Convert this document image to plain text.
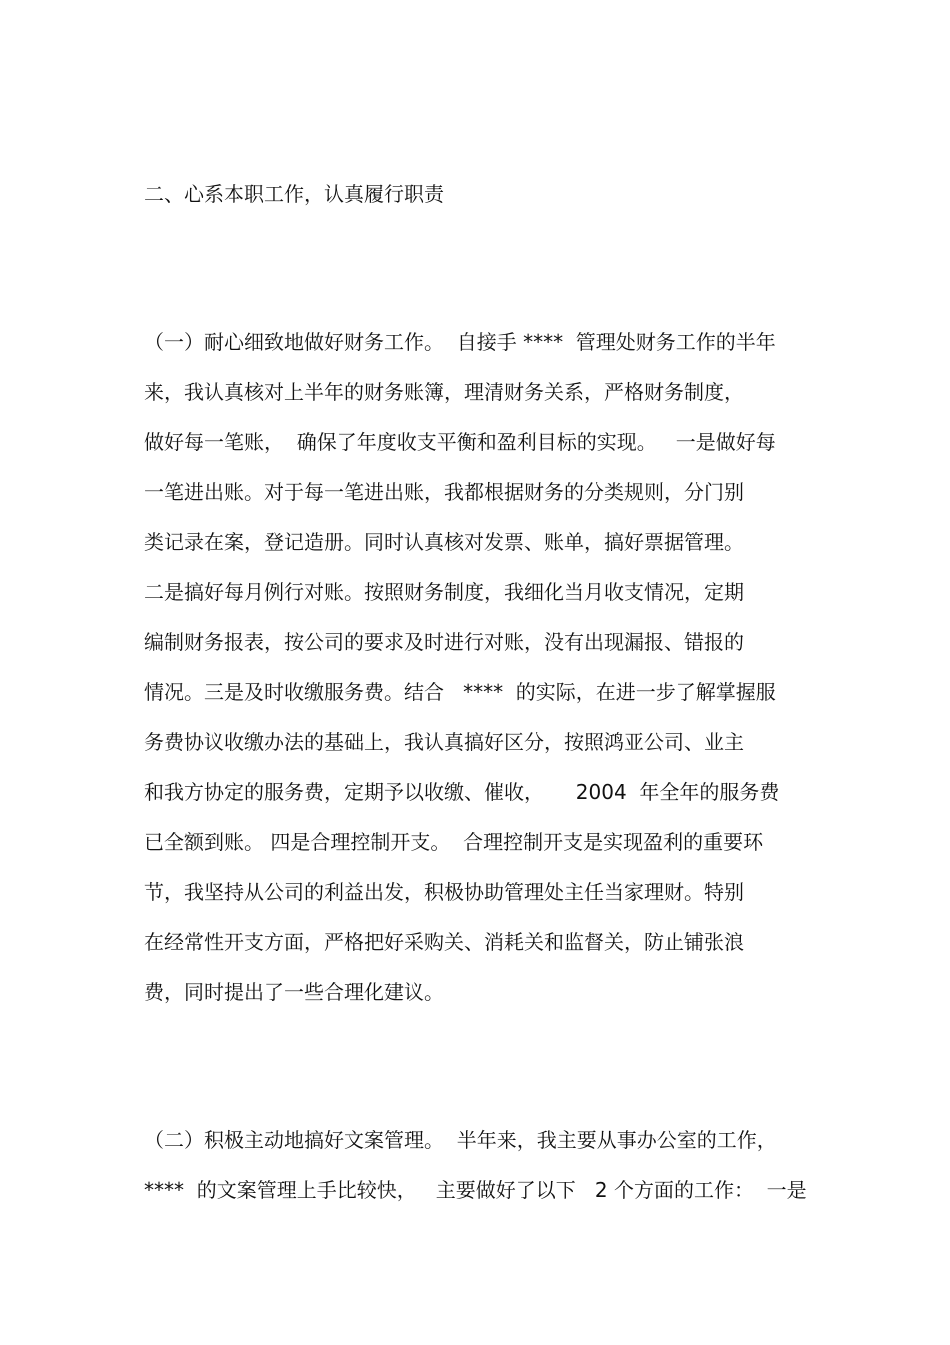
二、心系本职工作，认真履行职责
（一）耐心细致地做好财务工作。  自接手 ****  管理处财务工作的半年
来，我认真核对上半年的财务账簿，理清财务关系，严格财务制度，
做好每一笔账，  确保了年度收支平衡和盈利目标的实现。   一是做好每
一笔进出账。对于每一笔进出账，我都根据财务的分类规则，分门别
类记录在案，登记造册。同时认真核对发票、账单，搞好票据管理。
二是搞好每月例行对账。按照财务制度，我细化当月收支情况，定期
编制财务报表，按公司的要求及时进行对账，没有出现漏报、错报的
情况。三是及时收缴服务费。结合   ****  的实际，在进一步了解掌握服
务费协议收缴办法的基础上，我认真搞好区分，按照鸿亚公司、业主
和我方协定的服务费，定期予以收缴、催收，     2004  年全年的服务费
已全额到账。 四是合理控制开支。  合理控制开支是实现盈利的重要环
节，我坚持从公司的利益出发，积极协助管理处主任当家理财。特别
在经常性开支方面，严格把好采购关、消耗关和监督关，防止铺张浪
费，同时提出了一些合理化建议。
（二）积极主动地搞好文案管理。  半年来，我主要从事办公室的工作，
****  的文案管理上手比较快，   主要做好了以下   2 个方面的工作：  一是
